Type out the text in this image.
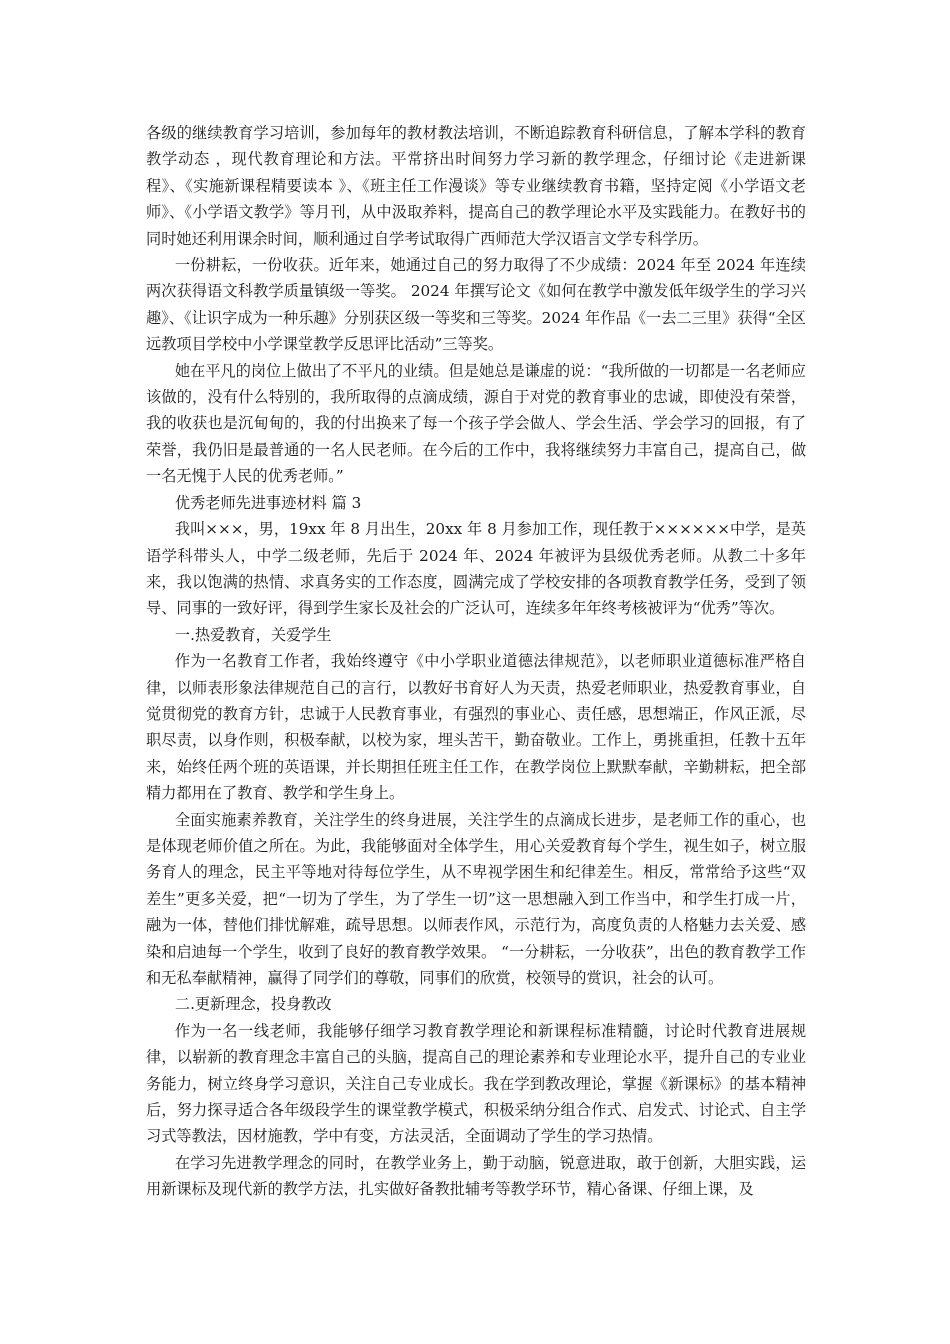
各级的继续教育学习培训，参加每年的教材教法培训，不断追踪教育科研信息，了解本学科的教育教学动态 ，现代教育理论和方法。平常挤出时间努力学习新的教学理念，仔细讨论《走进新课程》、《实施新课程精要读本 》、《班主任工作漫谈》等专业继续教育书籍，坚持定阅《小学语文老师》、《小学语文教学》等月刊，从中汲取养料，提高自己的教学理论水平及实践能力。在教好书的同时她还利用课余时间，顺利通过自学考试取得广西师范大学汉语言文学专科学历。

一份耕耘，一份收获。近年来，她通过自己的努力取得了不少成绩：2024 年至 2024 年连续两次获得语文科教学质量镇级一等奖。 2024 年撰写论文《如何在教学中激发低年级学生的学习兴趣》、《让识字成为一种乐趣》分别获区级一等奖和三等奖。2024 年作品《一去二三里》获得“全区远教项目学校中小学课堂教学反思评比活动”三等奖。

她在平凡的岗位上做出了不平凡的业绩。但是她总是谦虚的说：“我所做的一切都是一名老师应该做的，没有什么特别的，我所取得的点滴成绩，源自于对党的教育事业的忠诚，即使没有荣誉，我的收获也是沉甸甸的，我的付出换来了每一个孩子学会做人、学会生活、学会学习的回报，有了荣誉，我仍旧是最普通的一名人民老师。在今后的工作中，我将继续努力丰富自己，提高自己，做一名无愧于人民的优秀老师。”

优秀老师先进事迹材料 篇 3

我叫×××，男，19xx 年 8 月出生，20xx 年 8 月参加工作，现任教于××××××中学，是英语学科带头人，中学二级老师，先后于 2024 年、2024 年被评为县级优秀老师。从教二十多年来，我以饱满的热情、求真务实的工作态度，圆满完成了学校安排的各项教育教学任务，受到了领导、同事的一致好评，得到学生家长及社会的广泛认可，连续多年年终考核被评为“优秀”等次。

一.热爱教育，关爱学生

作为一名教育工作者，我始终遵守《中小学职业道德法律规范》，以老师职业道德标准严格自律，以师表形象法律规范自己的言行，以教好书育好人为天责，热爱老师职业，热爱教育事业，自觉贯彻党的教育方针，忠诚于人民教育事业，有强烈的事业心、责任感，思想端正，作风正派，尽职尽责，以身作则，积极奉献，以校为家，埋头苦干，勤奋敬业。工作上，勇挑重担，任教十五年来，始终任两个班的英语课，并长期担任班主任工作，在教学岗位上默默奉献，辛勤耕耘，把全部精力都用在了教育、教学和学生身上。

全面实施素养教育，关注学生的终身进展，关注学生的点滴成长进步，是老师工作的重心，也是体现老师价值之所在。为此，我能够面对全体学生，用心关爱教育每个学生，视生如子，树立服务育人的理念，民主平等地对待每位学生，从不卑视学困生和纪律差生。相反，常常给予这些“双差生”更多关爱，把“一切为了学生，为了学生一切”这一思想融入到工作当中，和学生打成一片，融为一体，替他们排忧解难，疏导思想。以师表作风，示范行为，高度负责的人格魅力去关爱、感染和启迪每一个学生，收到了良好的教育教学效果。 “一分耕耘，一分收获”，出色的教育教学工作和无私奉献精神，赢得了同学们的尊敬，同事们的欣赏，校领导的赏识，社会的认可。

二.更新理念，投身教改

作为一名一线老师，我能够仔细学习教育教学理论和新课程标准精髓，讨论时代教育进展规律，以崭新的教育理念丰富自己的头脑，提高自己的理论素养和专业理论水平，提升自己的专业业务能力，树立终身学习意识，关注自己专业成长。我在学到教改理论，掌握《新课标》的基本精神后，努力探寻适合各年级段学生的课堂教学模式，积极采纳分组合作式、启发式、讨论式、自主学习式等教法，因材施教，学中有变，方法灵活，全面调动了学生的学习热情。

在学习先进教学理念的同时，在教学业务上，勤于动脑，锐意进取，敢于创新，大胆实践，运用新课标及现代新的教学方法，扎实做好备教批辅考等教学环节，精心备课、仔细上课，及
